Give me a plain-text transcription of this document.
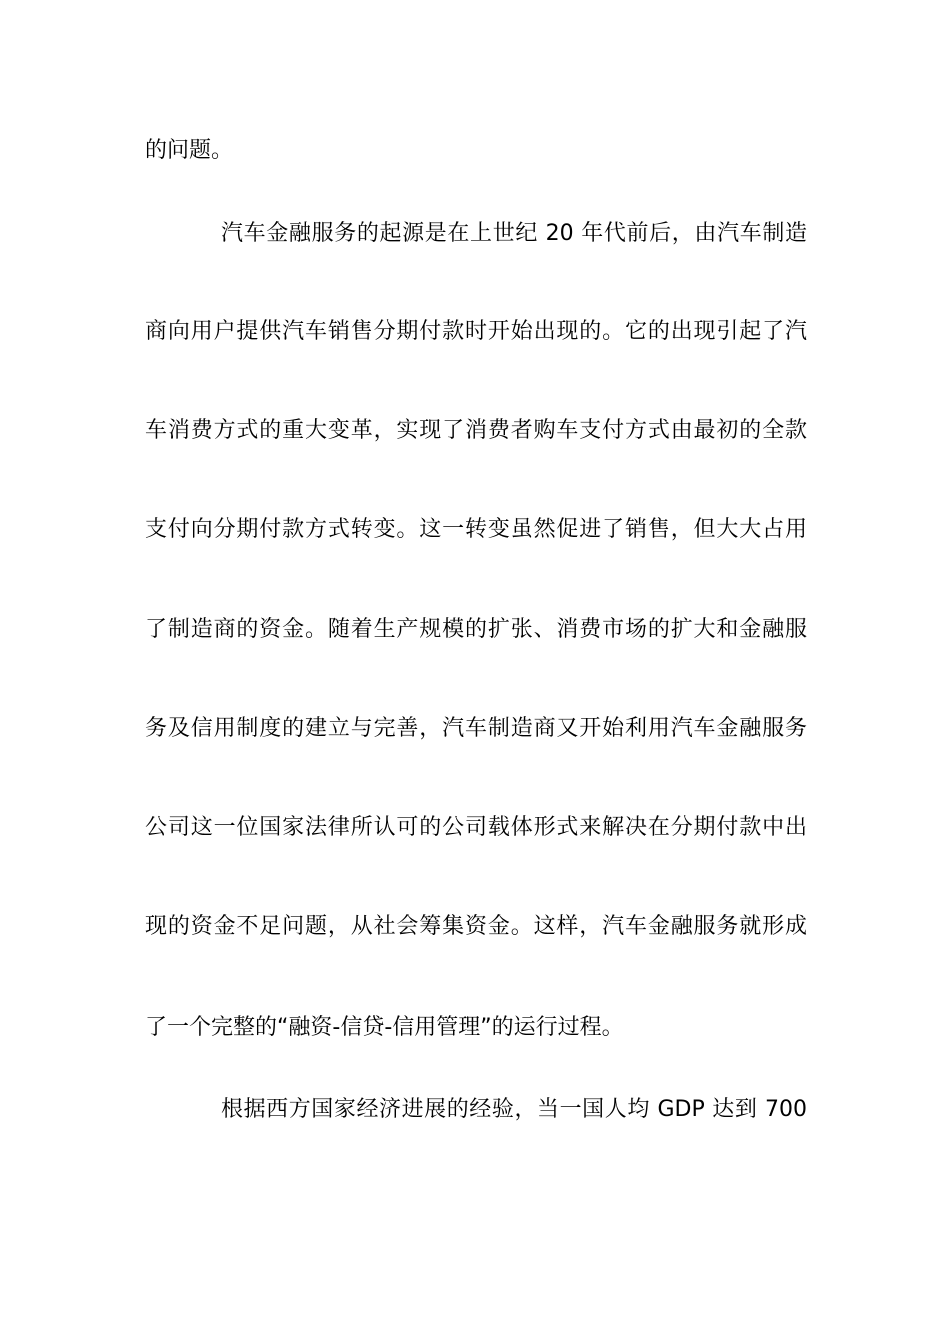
的问题。
汽车金融服务的起源是在上世纪 20 年代前后，由汽车制造
商向用户提供汽车销售分期付款时开始出现的。它的出现引起了汽
车消费方式的重大变革，实现了消费者购车支付方式由最初的全款
支付向分期付款方式转变。这一转变虽然促进了销售，但大大占用
了制造商的资金。随着生产规模的扩张、消费市场的扩大和金融服
务及信用制度的建立与完善，汽车制造商又开始利用汽车金融服务
公司这一位国家法律所认可的公司载体形式来解决在分期付款中出
现的资金不足问题，从社会筹集资金。这样，汽车金融服务就形成
了一个完整的“融资-信贷-信用管理”的运行过程。
根据西方国家经济进展的经验，当一国人均 GDP 达到 700
